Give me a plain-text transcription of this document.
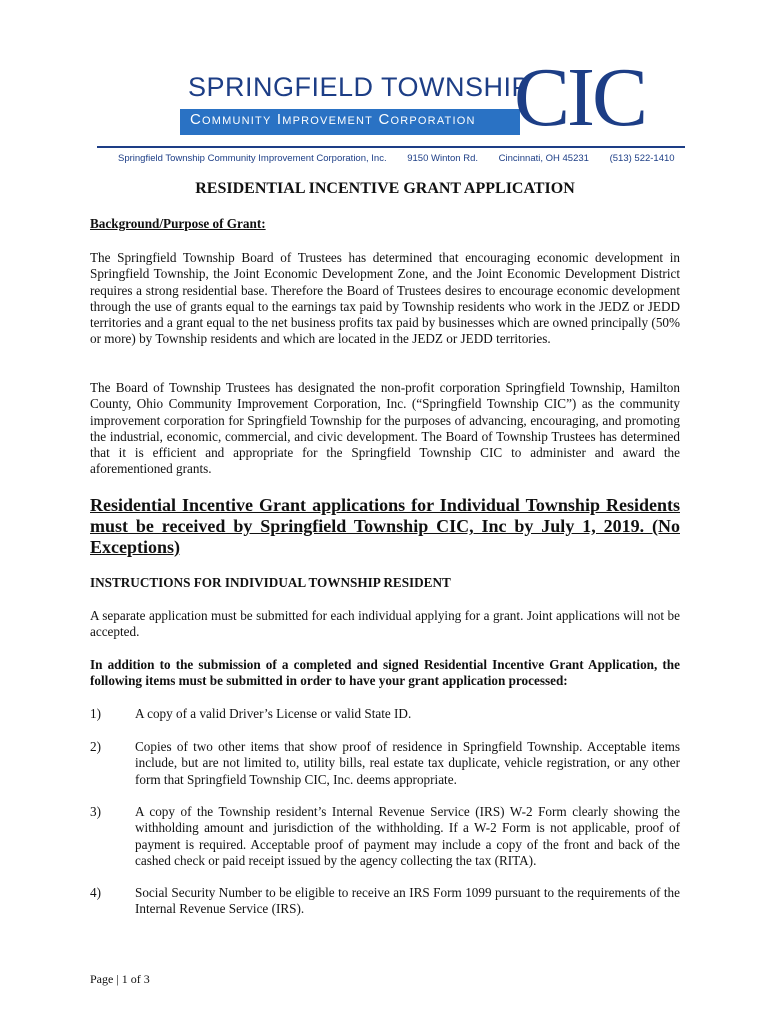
SPRINGFIELD TOWNSHIP
Community Improvement Corporation CIC
Springfield Township Community Improvement Corporation, Inc. 9150 Winton Rd. Cincinnati, OH 45231 (513) 522-1410
RESIDENTIAL INCENTIVE GRANT APPLICATION
Background/Purpose of Grant:
The Springfield Township Board of Trustees has determined that encouraging economic development in Springfield Township, the Joint Economic Development Zone, and the Joint Economic Development District requires a strong residential base. Therefore the Board of Trustees desires to encourage economic development through the use of grants equal to the earnings tax paid by Township residents who work in the JEDZ or JEDD territories and a grant equal to the net business profits tax paid by businesses which are owned principally (50% or more) by Township residents and which are located in the JEDZ or JEDD territories.
The Board of Township Trustees has designated the non-profit corporation Springfield Township, Hamilton County, Ohio Community Improvement Corporation, Inc. (“Springfield Township CIC”) as the community improvement corporation for Springfield Township for the purposes of advancing, encouraging, and promoting the industrial, economic, commercial, and civic development. The Board of Township Trustees has determined that it is efficient and appropriate for the Springfield Township CIC to administer and award the aforementioned grants.
Residential Incentive Grant applications for Individual Township Residents must be received by Springfield Township CIC, Inc by July 1, 2019. (No Exceptions)
INSTRUCTIONS FOR INDIVIDUAL TOWNSHIP RESIDENT
A separate application must be submitted for each individual applying for a grant. Joint applications will not be accepted.
In addition to the submission of a completed and signed Residential Incentive Grant Application, the following items must be submitted in order to have your grant application processed:
1)	A copy of a valid Driver’s License or valid State ID.
2)	Copies of two other items that show proof of residence in Springfield Township. Acceptable items include, but are not limited to, utility bills, real estate tax duplicate, vehicle registration, or any other form that Springfield Township CIC, Inc. deems appropriate.
3)	A copy of the Township resident’s Internal Revenue Service (IRS) W-2 Form clearly showing the withholding amount and jurisdiction of the withholding. If a W-2 Form is not applicable, proof of payment is required. Acceptable proof of payment may include a copy of the front and back of the cashed check or paid receipt issued by the agency collecting the tax (RITA).
4)	Social Security Number to be eligible to receive an IRS Form 1099 pursuant to the requirements of the Internal Revenue Service (IRS).
Page | 1 of 3
